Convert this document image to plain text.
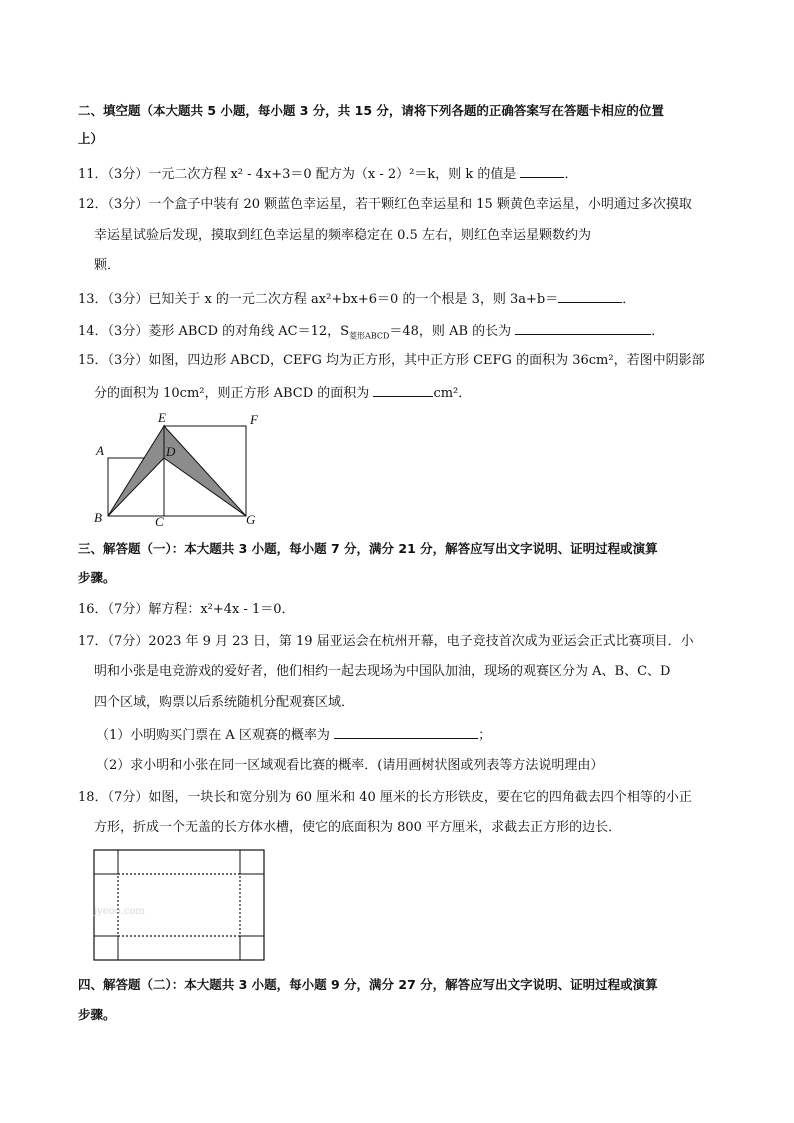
二、填空题（本大题共 5 小题，每小题 3 分，共 15 分，请将下列各题的正确答案写在答题卡相应的位置
上）
11．（3分）一元二次方程 x² - 4x+3＝0 配方为（x - 2）²＝k，则 k 的值是	．
12．（3分）一个盒子中装有 20 颗蓝色幸运星，若干颗红色幸运星和 15 颗黄色幸运星，小明通过多次摸取
幸运星试验后发现，摸取到红色幸运星的频率稳定在 0.5 左右，则红色幸运星颗数约为
颗．
13．（3分）已知关于 x 的一元二次方程 ax²+bx+6＝0 的一个根是 3，则 3a+b＝	．
14．（3分）菱形 ABCD 的对角线 AC＝12，$S_{菱形ABCD}=48$，则 AB 的长为	．
15．（3分）如图，四边形 ABCD，CEFG 均为正方形，其中正方形 CEFG 的面积为 36cm²，若图中阴影部
分的面积为 10cm²，则正方形 ABCD 的面积为	cm²．
E	F
A	D
B	C	G
三、解答题（一）：本大题共 3 小题，每小题 7 分，满分 21 分，解答应写出文字说明、证明过程或演算
步骤。
16．（7分）解方程：x²+4x - 1＝0．
17．（7分）2023 年 9 月 23 日，第 19 届亚运会在杭州开幕，电子竞技首次成为亚运会正式比赛项目．小
明和小张是电竞游戏的爱好者，他们相约一起去现场为中国队加油，现场的观赛区分为 A、B、C、D
四个区域，购票以后系统随机分配观赛区域．
（1）小明购买门票在 A 区观赛的概率为	；
（2）求小明和小张在同一区域观看比赛的概率．(请用画树状图或列表等方法说明理由）
18．（7分）如图，一块长和宽分别为 60 厘米和 40 厘米的长方形铁皮，要在它的四角截去四个相等的小正
方形，折成一个无盖的长方体水槽，使它的底面积为 800 平方厘米，求截去正方形的边长．
jyeoo.com
四、解答题（二）：本大题共 3 小题，每小题 9 分，满分 27 分，解答应写出文字说明、证明过程或演算
步骤。
